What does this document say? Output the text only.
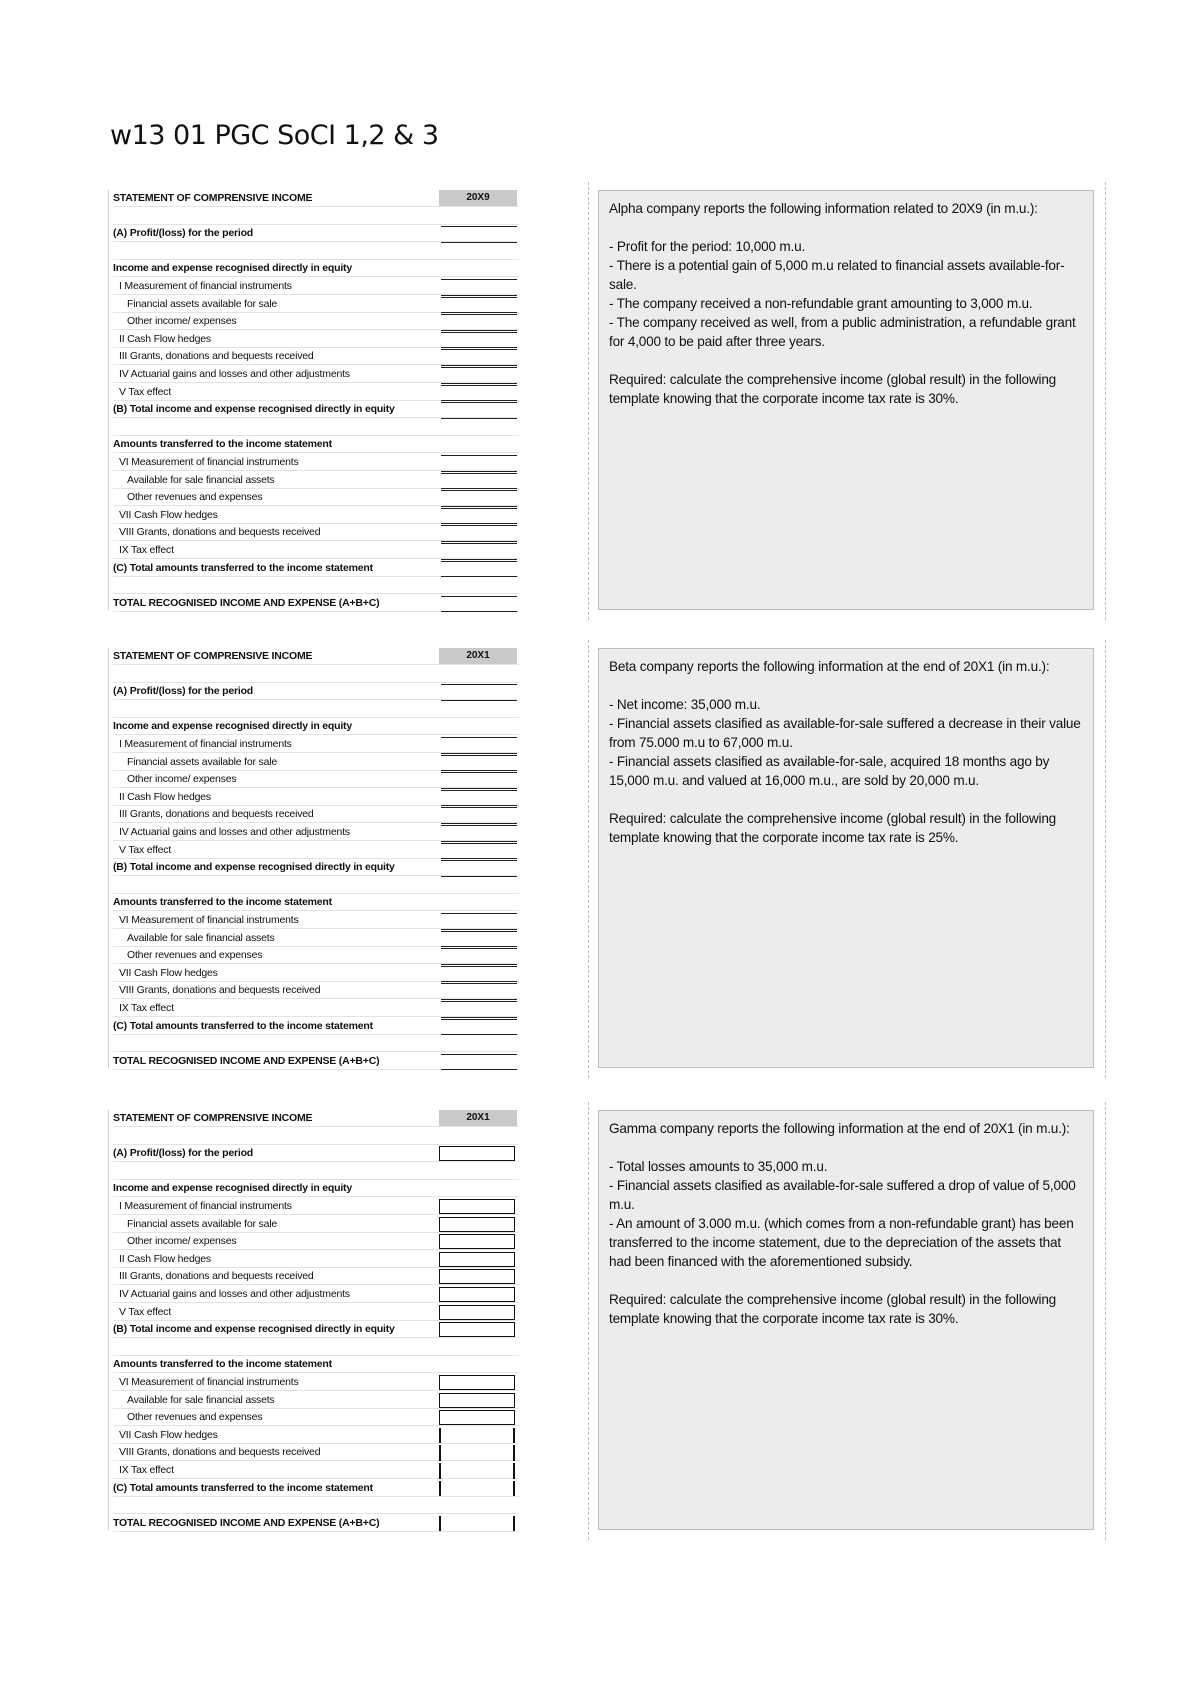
w13 01 PGC SoCI 1,2 & 3
STATEMENT OF COMPRENSIVE INCOME
(A) Profit/(loss) for the period
Income and expense recognised directly in equity
I Measurement of financial instruments
Financial assets available for sale
Other income/ expenses
II Cash Flow hedges
III Grants, donations and bequests received
IV Actuarial gains and losses and other adjustments
V Tax effect
(B) Total income and expense recognised directly in equity
Amounts transferred to the income statement
VI Measurement of financial instruments
Available for sale financial assets
Other revenues and expenses
VII Cash Flow hedges
VIII Grants, donations and bequests received
IX Tax effect
(C) Total amounts transferred to the income statement
TOTAL RECOGNISED INCOME AND EXPENSE (A+B+C)
20X9

Alpha company reports the following information related to 20X9 (in m.u.):

- Profit for the period: 10,000 m.u.

- There is a potential gain of 5,000 m.u related to financial assets available-for-sale.

- The company received a non-refundable grant amounting to 3,000 m.u.

- The company received as well, from a public administration, a refundable grant for 4,000 to be paid after three years.

Required: calculate the comprehensive income (global result) in the following template knowing that the corporate income tax rate is 30%.

STATEMENT OF COMPRENSIVE INCOME
(A) Profit/(loss) for the period
Income and expense recognised directly in equity
I Measurement of financial instruments
Financial assets available for sale
Other income/ expenses
II Cash Flow hedges
III Grants, donations and bequests received
IV Actuarial gains and losses and other adjustments
V Tax effect
(B) Total income and expense recognised directly in equity
Amounts transferred to the income statement
VI Measurement of financial instruments
Available for sale financial assets
Other revenues and expenses
VII Cash Flow hedges
VIII Grants, donations and bequests received
IX Tax effect
(C) Total amounts transferred to the income statement
TOTAL RECOGNISED INCOME AND EXPENSE (A+B+C)
20X1

Beta company reports the following information at the end of 20X1 (in m.u.):

- Net income: 35,000 m.u.

- Financial assets clasified as available-for-sale suffered a decrease in their value from 75.000 m.u to 67,000 m.u.

- Financial assets clasified as available-for-sale, acquired 18 months ago by 15,000 m.u. and valued at 16,000 m.u., are sold by 20,000 m.u.

Required: calculate the comprehensive income (global result) in the following template knowing that the corporate income tax rate is 25%.

STATEMENT OF COMPRENSIVE INCOME
(A) Profit/(loss) for the period
Income and expense recognised directly in equity
I Measurement of financial instruments
Financial assets available for sale
Other income/ expenses
II Cash Flow hedges
III Grants, donations and bequests received
IV Actuarial gains and losses and other adjustments
V Tax effect
(B) Total income and expense recognised directly in equity
Amounts transferred to the income statement
VI Measurement of financial instruments
Available for sale financial assets
Other revenues and expenses
VII Cash Flow hedges
VIII Grants, donations and bequests received
IX Tax effect
(C) Total amounts transferred to the income statement
TOTAL RECOGNISED INCOME AND EXPENSE (A+B+C)
20X1

Gamma company reports the following information at the end of 20X1 (in m.u.):

- Total losses amounts to 35,000 m.u.

- Financial assets clasified as available-for-sale suffered a drop of value of 5,000 m.u.

- An amount of 3.000 m.u. (which comes from a non-refundable grant) has been transferred to the income statement, due to the depreciation of the assets that had been financed with the aforementioned subsidy.

Required: calculate the comprehensive income (global result) in the following template knowing that the corporate income tax rate is 30%.
